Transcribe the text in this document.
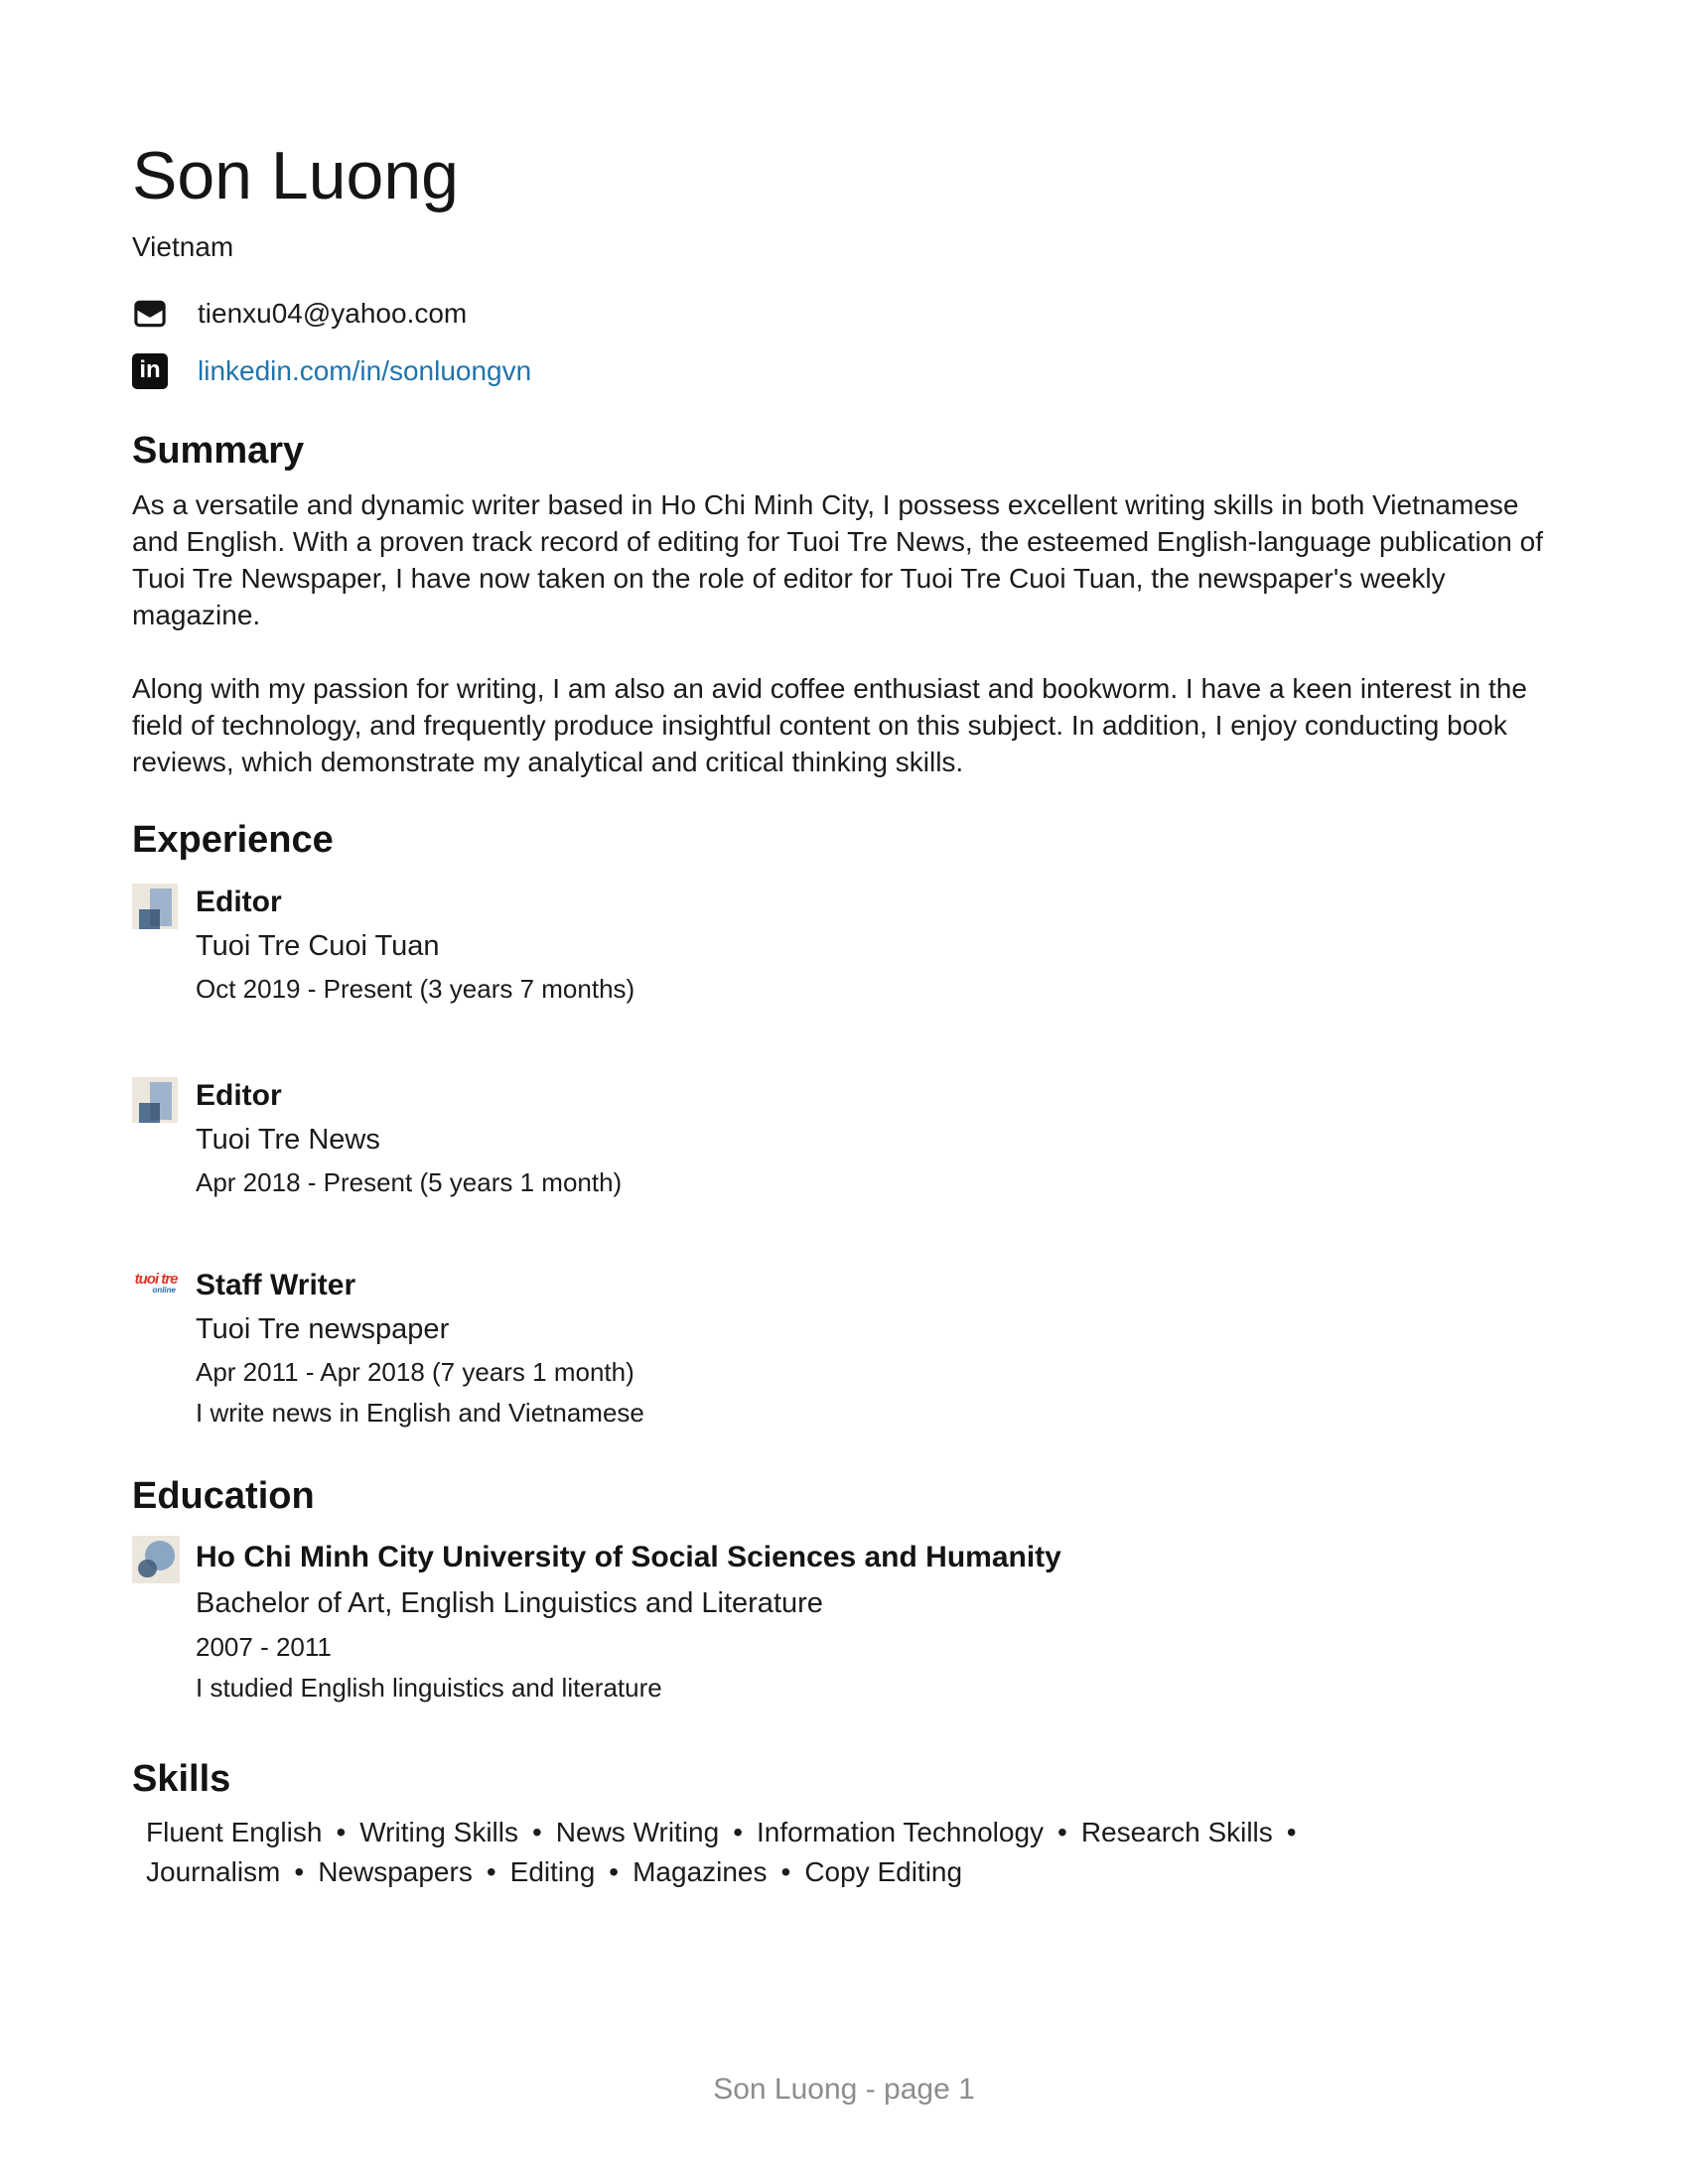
Son Luong
Vietnam
tienxu04@yahoo.com
in linkedin.com/in/sonluongvn
Summary

As a versatile and dynamic writer based in Ho Chi Minh City, I possess excellent writing skills in both Vietnamese and English. With a proven track record of editing for Tuoi Tre News, the esteemed English-language publication of Tuoi Tre Newspaper, I have now taken on the role of editor for Tuoi Tre Cuoi Tuan, the newspaper's weekly magazine.

Along with my passion for writing, I am also an avid coffee enthusiast and bookworm. I have a keen interest in the field of technology, and frequently produce insightful content on this subject. In addition, I enjoy conducting book reviews, which demonstrate my analytical and critical thinking skills.

Experience
Editor
Tuoi Tre Cuoi Tuan
Oct 2019 - Present (3 years 7 months)
Editor
Tuoi Tre News
Apr 2018 - Present (5 years 1 month)
tuoi tre
online Staff Writer
Tuoi Tre newspaper
Apr 2011 - Apr 2018 (7 years 1 month)
I write news in English and Vietnamese
Education
Ho Chi Minh City University of Social Sciences and Humanity
Bachelor of Art, English Linguistics and Literature
2007 - 2011
I studied English linguistics and literature
Skills
Fluent English • Writing Skills • News Writing • Information Technology • Research Skills •Journalism • Newspapers • Editing • Magazines • Copy Editing
Son Luong - page 1
